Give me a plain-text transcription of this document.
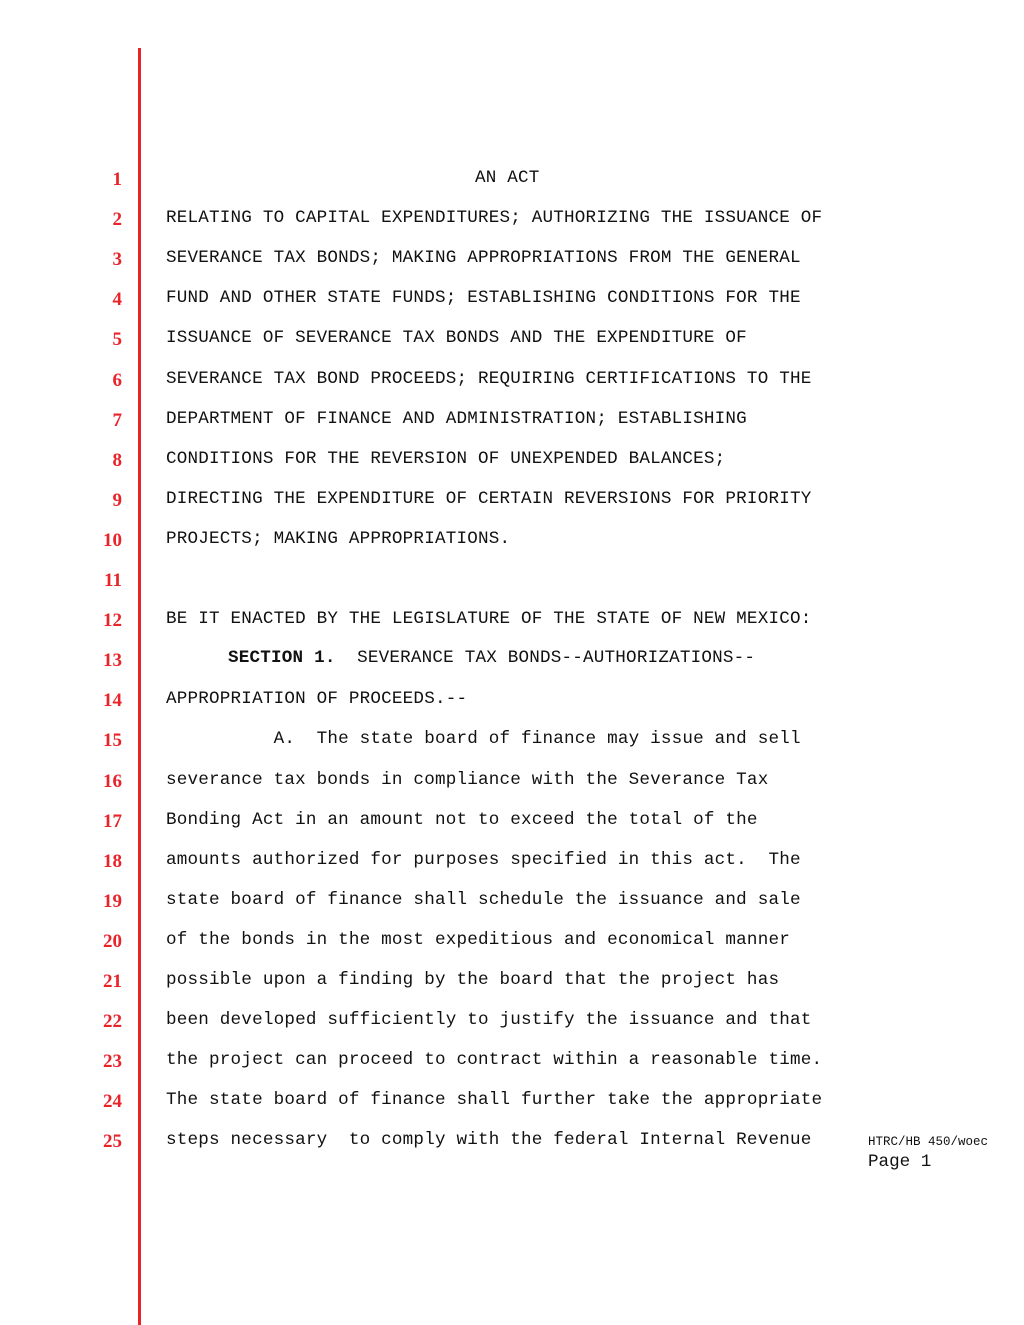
1
2
3
4
5
6
7
8
9
10
11
12
13
14
15
16
17
18
19
20
21
22
23
24
25
AN ACT
RELATING TO CAPITAL EXPENDITURES; AUTHORIZING THE ISSUANCE OF
SEVERANCE TAX BONDS; MAKING APPROPRIATIONS FROM THE GENERAL
FUND AND OTHER STATE FUNDS; ESTABLISHING CONDITIONS FOR THE
ISSUANCE OF SEVERANCE TAX BONDS AND THE EXPENDITURE OF
SEVERANCE TAX BOND PROCEEDS; REQUIRING CERTIFICATIONS TO THE
DEPARTMENT OF FINANCE AND ADMINISTRATION; ESTABLISHING
CONDITIONS FOR THE REVERSION OF UNEXPENDED BALANCES;
DIRECTING THE EXPENDITURE OF CERTAIN REVERSIONS FOR PRIORITY
PROJECTS; MAKING APPROPRIATIONS.
BE IT ENACTED BY THE LEGISLATURE OF THE STATE OF NEW MEXICO:
APPROPRIATION OF PROCEEDS.--
A.  The state board of finance may issue and sell
severance tax bonds in compliance with the Severance Tax
Bonding Act in an amount not to exceed the total of the
amounts authorized for purposes specified in this act.  The
state board of finance shall schedule the issuance and sale
of the bonds in the most expeditious and economical manner
possible upon a finding by the board that the project has
been developed sufficiently to justify the issuance and that
the project can proceed to contract within a reasonable time.
The state board of finance shall further take the appropriate
steps necessary  to comply with the federal Internal Revenue
SECTION 1.  SEVERANCE TAX BONDS--AUTHORIZATIONS--
HTRC/HB 450/woec
Page 1
